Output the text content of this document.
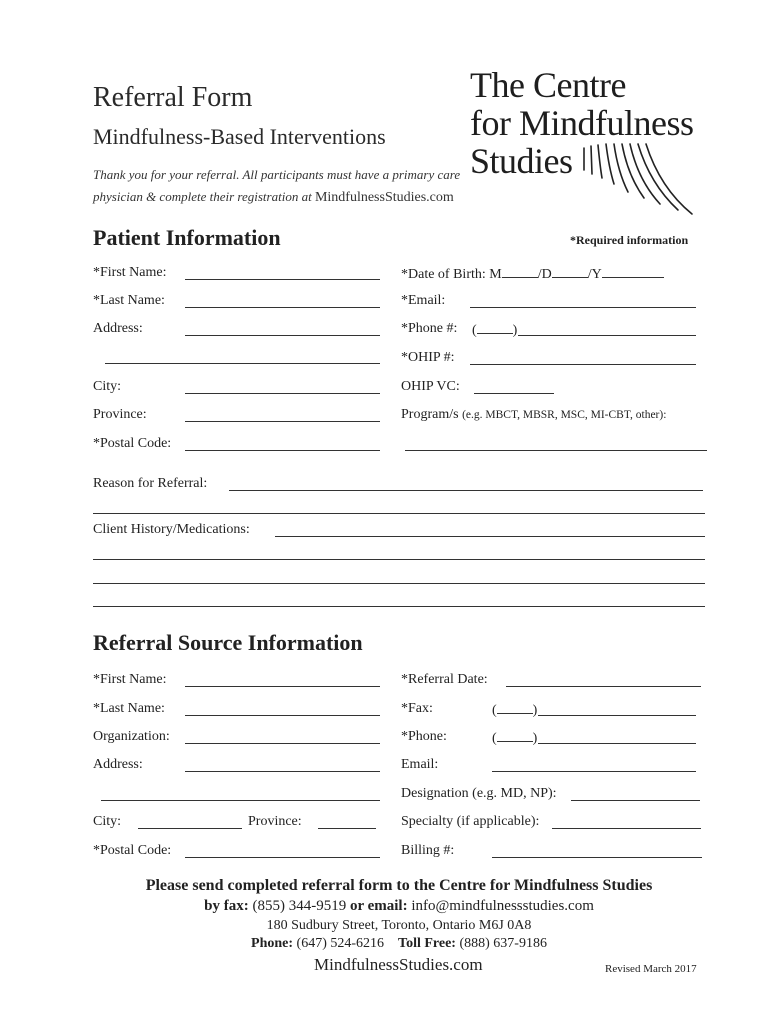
Referral Form
Mindfulness-Based Interventions
Thank you for your referral. All participants must have a primary care
physician & complete their registration at MindfulnessStudies.com
The Centre
for Mindfulness
Studies
Patient Information	*Required information
*First Name:
*Last Name:
Address:
City:
Province:
*Postal Code:
*Date of Birth: M	/D	/Y
*Email:
*Phone #: (	)
*OHIP #:
OHIP VC:
Program/s (e.g. MBCT, MBSR, MSC, MI-CBT, other):
Reason for Referral:
Client History/Medications:
Referral Source Information
*First Name:
*Last Name:
Organization:
Address:
City:	Province:
*Postal Code:
*Referral Date:
*Fax:	(	)
*Phone:	(	)
Email:
Designation (e.g. MD, NP):
Specialty (if applicable):
Billing #:
Please send completed referral form to the Centre for Mindfulness Studies
by fax: (855) 344-9519 or email: info@mindfulnessstudies.com
180 Sudbury Street, Toronto, Ontario M6J 0A8
Phone: (647) 524-6216 Toll Free: (888) 637-9186
MindfulnessStudies.com	Revised March 2017
